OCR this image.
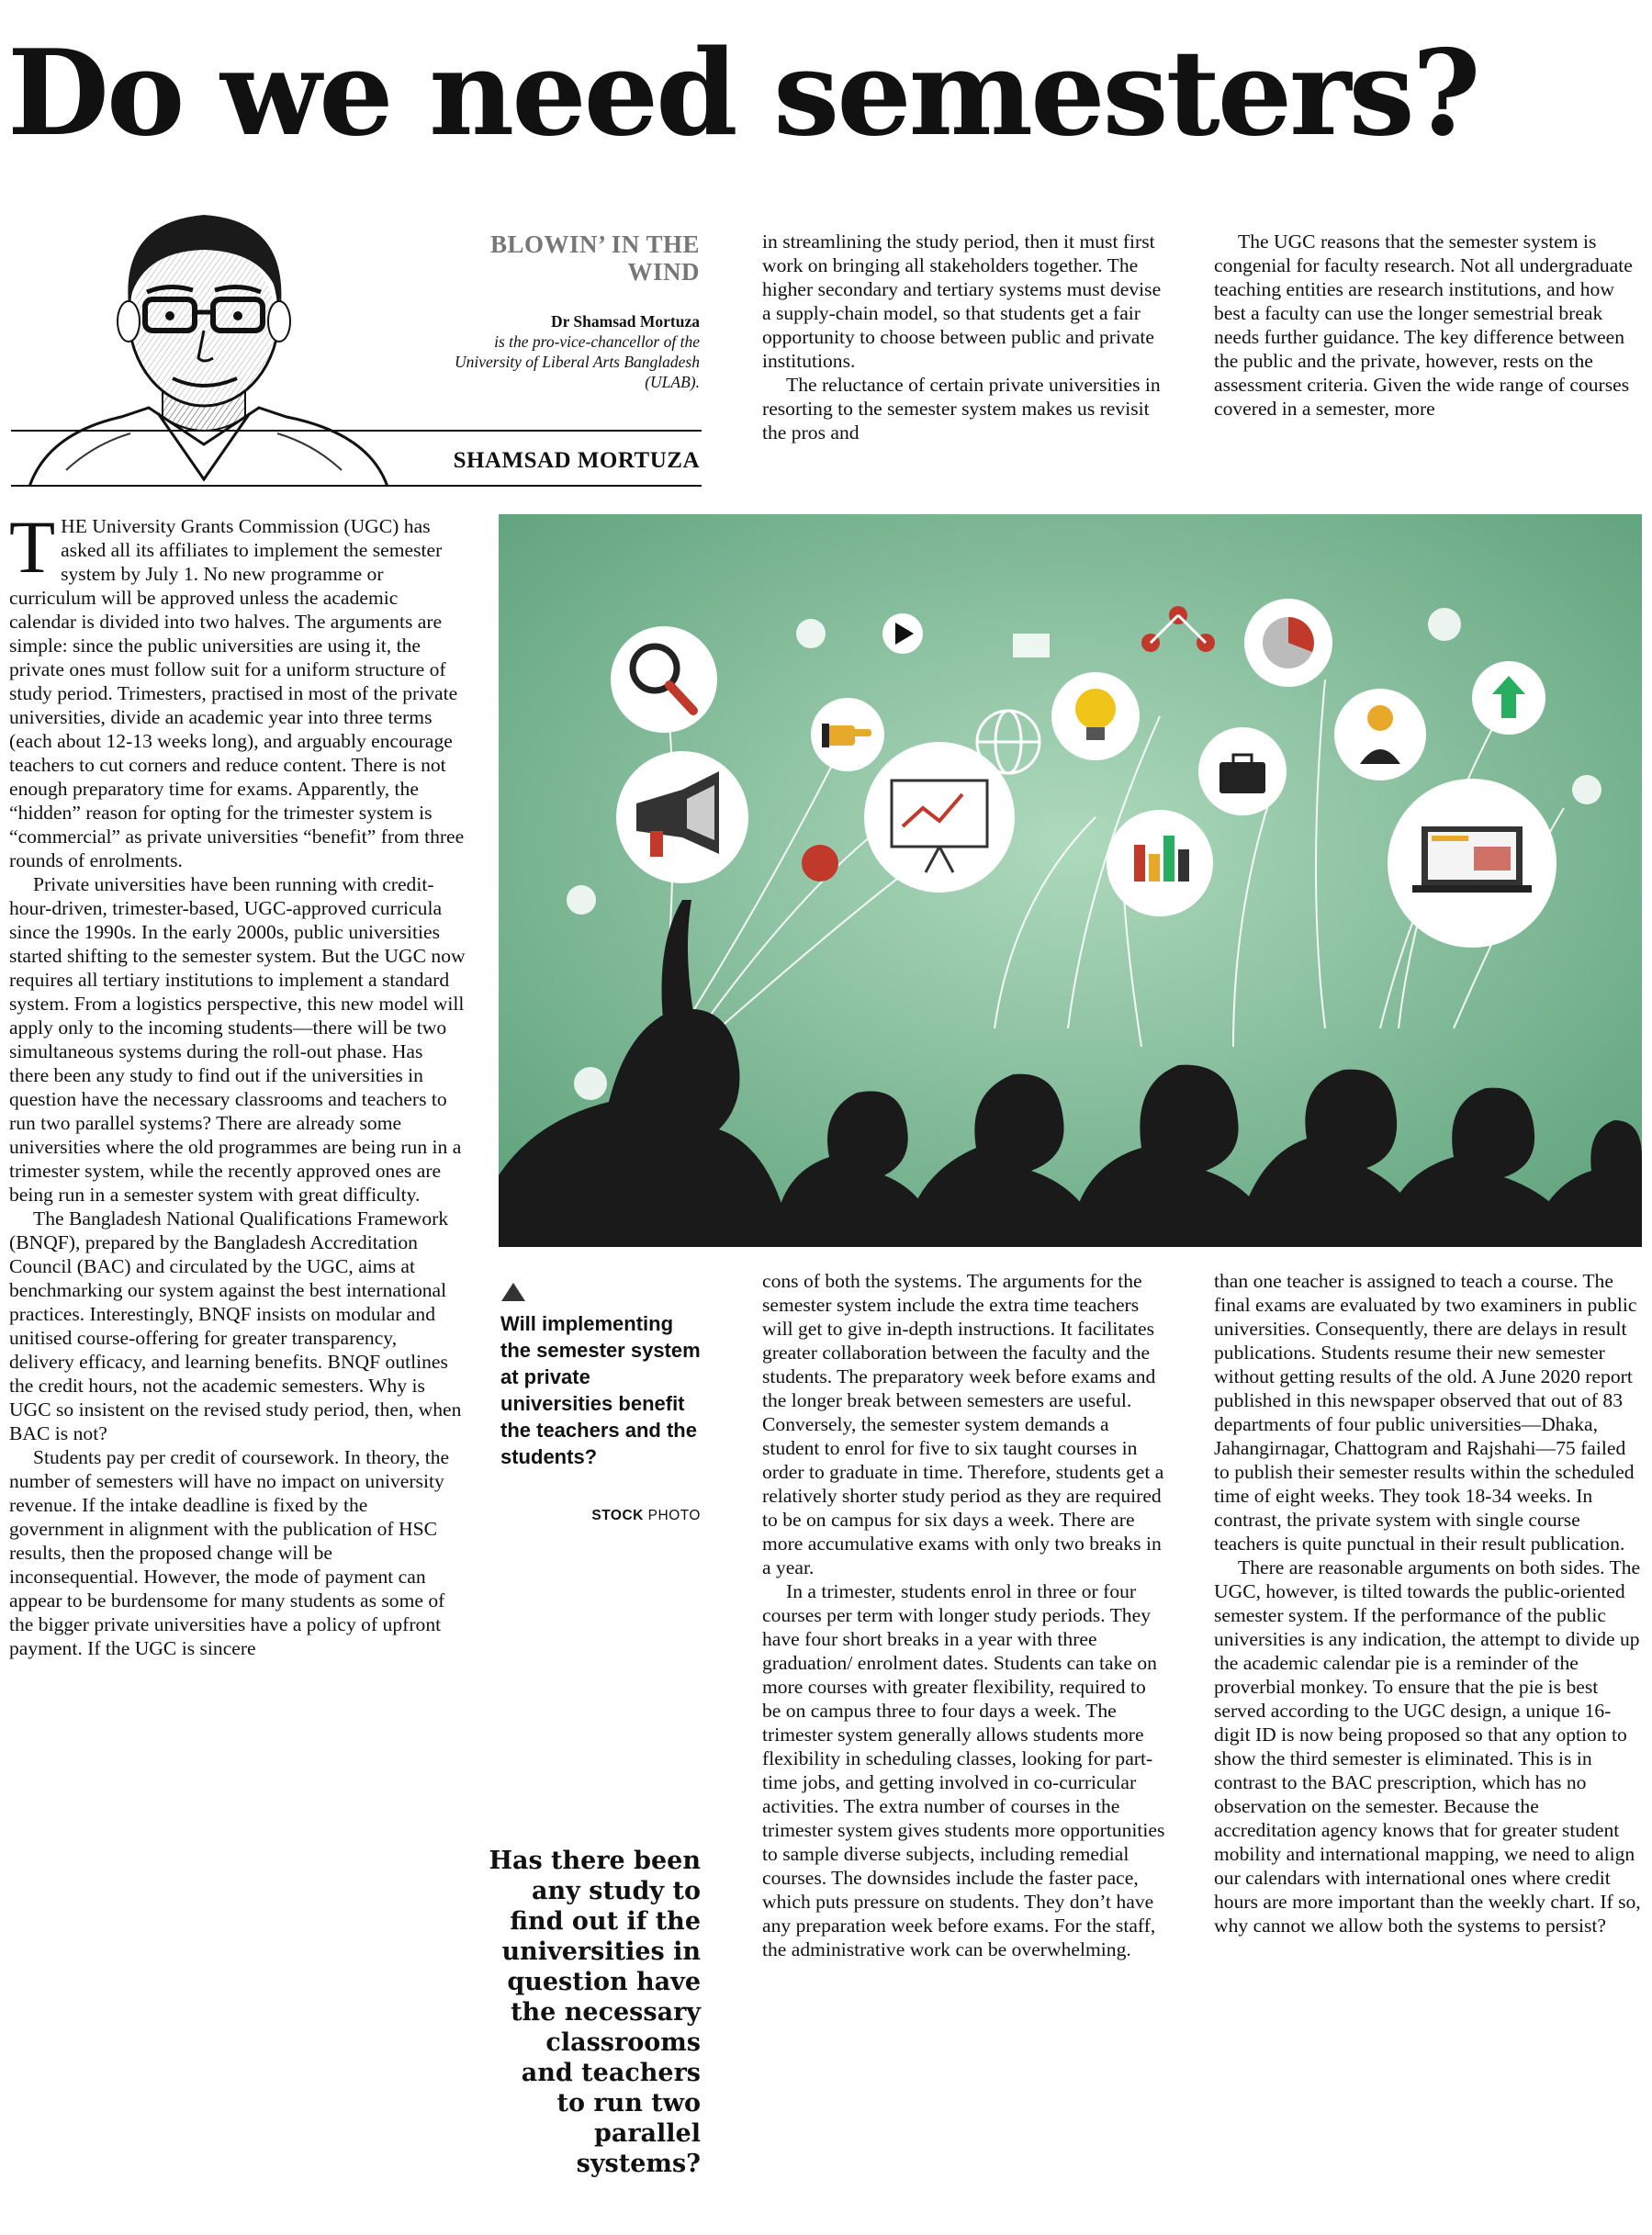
Do we need semesters?
BLOWIN’ IN THE WIND
Dr Shamsad Mortuza
is the pro-vice-chancellor of the University of Liberal Arts Bangladesh (ULAB).
SHAMSAD MORTUZA

in streamlining the study period, then it must first work on bringing all stakeholders together. The higher secondary and tertiary systems must devise a supply-chain model, so that students get a fair opportunity to choose between public and private institutions.

The reluctance of certain private universities in resorting to the semester system makes us revisit the pros and

The UGC reasons that the semester system is congenial for faculty research. Not all undergraduate teaching entities are research institutions, and how best a faculty can use the longer semestrial break needs further guidance. The key difference between the public and the private, however, rests on the assessment criteria. Given the wide range of courses covered in a semester, more

THE University Grants Commission (UGC) has asked all its affiliates to implement the semester system by July 1. No new programme or curriculum will be approved unless the academic calendar is divided into two halves. The arguments are simple: since the public universities are using it, the private ones must follow suit for a uniform structure of study period. Trimesters, practised in most of the private universities, divide an academic year into three terms (each about 12-13 weeks long), and arguably encourage teachers to cut corners and reduce content. There is not enough preparatory time for exams. Apparently, the “hidden” reason for opting for the trimester system is “commercial” as private universities “benefit” from three rounds of enrolments.

Private universities have been running with credit-hour-driven, trimester-based, UGC-approved curricula since the 1990s. In the early 2000s, public universities started shifting to the semester system. But the UGC now requires all tertiary institutions to implement a standard system. From a logistics perspective, this new model will apply only to the incoming students—there will be two simultaneous systems during the roll-out phase. Has there been any study to find out if the universities in question have the necessary classrooms and teachers to run two parallel systems? There are already some universities where the old programmes are being run in a trimester system, while the recently approved ones are being run in a semester system with great difficulty.

The Bangladesh National Qualifications Framework (BNQF), prepared by the Bangladesh Accreditation Council (BAC) and circulated by the UGC, aims at benchmarking our system against the best international practices. Interestingly, BNQF insists on modular and unitised course-offering for greater transparency, delivery efficacy, and learning benefits. BNQF outlines the credit hours, not the academic semesters. Why is UGC so insistent on the revised study period, then, when BAC is not?

Students pay per credit of coursework. In theory, the number of semesters will have no impact on university revenue. If the intake deadline is fixed by the government in alignment with the publication of HSC results, then the proposed change will be inconsequential. However, the mode of payment can appear to be burdensome for many students as some of the bigger private universities have a policy of upfront payment. If the UGC is sincere

Will implementing the semester system at private universities benefit the teachers and the students?
STOCK PHOTO
Has there been any study to find out if the universities in question have the necessary classrooms and teachers to run two parallel systems?

cons of both the systems. The arguments for the semester system include the extra time teachers will get to give in-depth instructions. It facilitates greater collaboration between the faculty and the students. The preparatory week before exams and the longer break between semesters are useful. Conversely, the semester system demands a student to enrol for five to six taught courses in order to graduate in time. Therefore, students get a relatively shorter study period as they are required to be on campus for six days a week. There are more accumulative exams with only two breaks in a year.

In a trimester, students enrol in three or four courses per term with longer study periods. They have four short breaks in a year with three graduation/ enrolment dates. Students can take on more courses with greater flexibility, required to be on campus three to four days a week. The trimester system generally allows students more flexibility in scheduling classes, looking for part-time jobs, and getting involved in co-curricular activities. The extra number of courses in the trimester system gives students more opportunities to sample diverse subjects, including remedial courses. The downsides include the faster pace, which puts pressure on students. They don’t have any preparation week before exams. For the staff, the administrative work can be overwhelming.

than one teacher is assigned to teach a course. The final exams are evaluated by two examiners in public universities. Consequently, there are delays in result publications. Students resume their new semester without getting results of the old. A June 2020 report published in this newspaper observed that out of 83 departments of four public universities—Dhaka, Jahangirnagar, Chattogram and Rajshahi—75 failed to publish their semester results within the scheduled time of eight weeks. They took 18-34 weeks. In contrast, the private system with single course teachers is quite punctual in their result publication.

There are reasonable arguments on both sides. The UGC, however, is tilted towards the public-oriented semester system. If the performance of the public universities is any indication, the attempt to divide up the academic calendar pie is a reminder of the proverbial monkey. To ensure that the pie is best served according to the UGC design, a unique 16-digit ID is now being proposed so that any option to show the third semester is eliminated. This is in contrast to the BAC prescription, which has no observation on the semester. Because the accreditation agency knows that for greater student mobility and international mapping, we need to align our calendars with international ones where credit hours are more important than the weekly chart. If so, why cannot we allow both the systems to persist?
